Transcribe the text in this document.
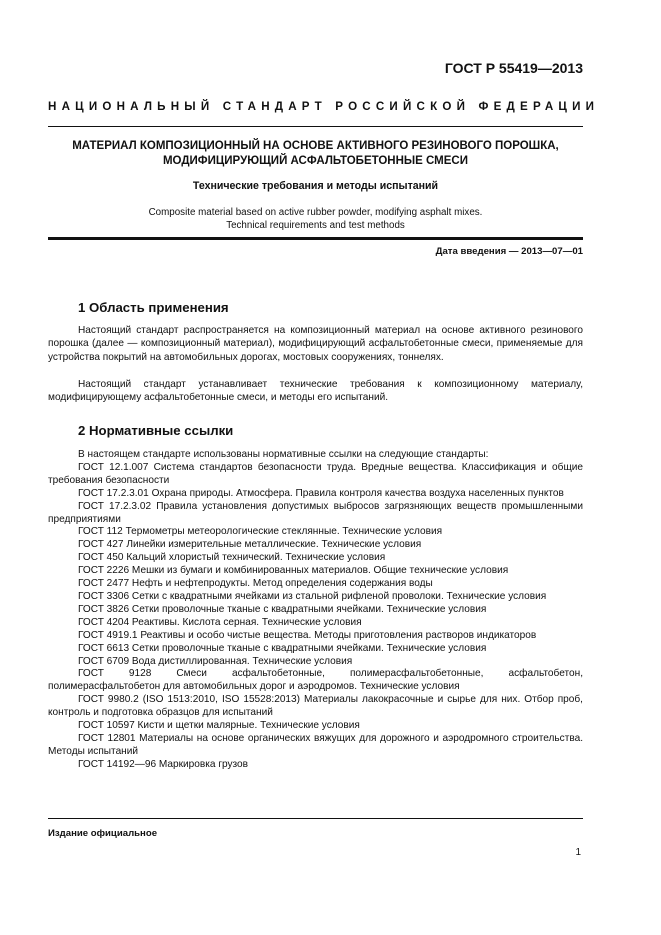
ГОСТ Р 55419—2013
НАЦИОНАЛЬНЫЙ СТАНДАРТ РОССИЙСКОЙ ФЕДЕРАЦИИ
МАТЕРИАЛ КОМПОЗИЦИОННЫЙ НА ОСНОВЕ АКТИВНОГО РЕЗИНОВОГО ПОРОШКА,
МОДИФИЦИРУЮЩИЙ АСФАЛЬТОБЕТОННЫЕ СМЕСИ
Технические требования и методы испытаний
Composite material based on active rubber powder, modifying asphalt mixes.
Technical requirements and test methods
Дата введения — 2013—07—01
1 Область применения
Настоящий стандарт распространяется на композиционный материал на основе активного резинового порошка (далее — композиционный материал), модифицирующий асфальтобетонные смеси, применяемые для устройства покрытий на автомобильных дорогах, мостовых сооружениях, тоннелях.
Настоящий стандарт устанавливает технические требования к композиционному материалу, модифицирующему асфальтобетонные смеси, и методы его испытаний.
2 Нормативные ссылки

В настоящем стандарте использованы нормативные ссылки на следующие стандарты:

ГОСТ 12.1.007 Система стандартов безопасности труда. Вредные вещества. Классификация и общие требования безопасности

ГОСТ 17.2.3.01 Охрана природы. Атмосфера. Правила контроля качества воздуха населенных пунктов

ГОСТ 17.2.3.02 Правила установления допустимых выбросов загрязняющих веществ промышленными предприятиями

ГОСТ 112 Термометры метеорологические стеклянные. Технические условия

ГОСТ 427 Линейки измерительные металлические. Технические условия

ГОСТ 450 Кальций хлористый технический. Технические условия

ГОСТ 2226 Мешки из бумаги и комбинированных материалов. Общие технические условия

ГОСТ 2477 Нефть и нефтепродукты. Метод определения содержания воды

ГОСТ 3306 Сетки с квадратными ячейками из стальной рифленой проволоки. Технические условия

ГОСТ 3826 Сетки проволочные тканые с квадратными ячейками. Технические условия

ГОСТ 4204 Реактивы. Кислота серная. Технические условия

ГОСТ 4919.1 Реактивы и особо чистые вещества. Методы приготовления растворов индикаторов

ГОСТ 6613 Сетки проволочные тканые с квадратными ячейками. Технические условия

ГОСТ 6709 Вода дистиллированная. Технические условия

ГОСТ 9128 Смеси асфальтобетонные, полимерасфальтобетонные, асфальтобетон, полимерасфальтобетон для автомобильных дорог и аэродромов. Технические условия

ГОСТ 9980.2 (ISO 1513:2010, ISO 15528:2013) Материалы лакокрасочные и сырье для них. Отбор проб, контроль и подготовка образцов для испытаний

ГОСТ 10597 Кисти и щетки малярные. Технические условия

ГОСТ 12801 Материалы на основе органических вяжущих для дорожного и аэродромного строительства. Методы испытаний

ГОСТ 14192—96 Маркировка грузов

Издание официальное
1
